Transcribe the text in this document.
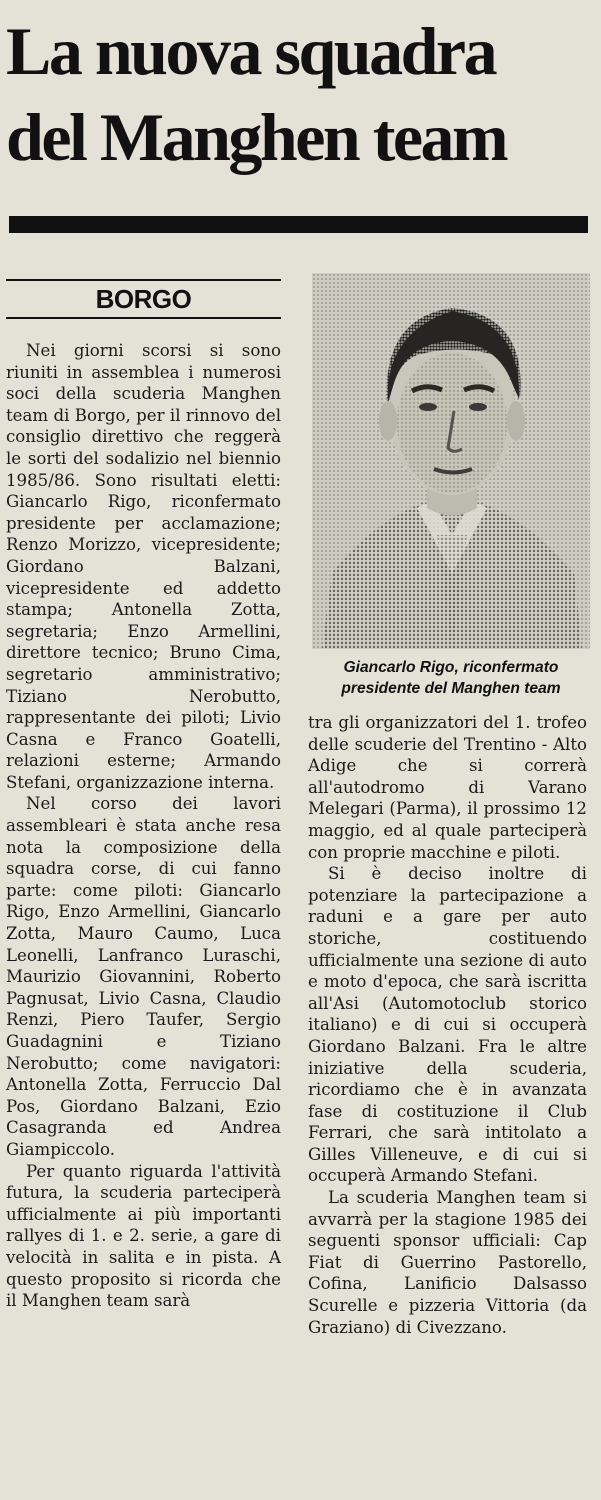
La nuova squadra
del Manghen team
BORGO
Giancarlo Rigo, riconfermato
presidente del Manghen team

Nei giorni scorsi si sono riuniti in assemblea i numerosi soci della scuderia Manghen team di Borgo, per il rinnovo del consiglio direttivo che reggerà le sorti del sodalizio nel biennio 1985/86. Sono risultati eletti: Giancarlo Rigo, riconfermato presidente per acclamazione; Renzo Morizzo, vicepresidente; Giordano Balzani, vicepresidente ed addetto stampa; Antonella Zotta, segretaria; Enzo Armellini, direttore tecnico; Bruno Cima, segretario amministrativo; Tiziano Nerobutto, rappresentante dei piloti; Livio Casna e Franco Goatelli, relazioni esterne; Armando Stefani, organizzazione interna.

Nel corso dei lavori assembleari è stata anche resa nota la composizione della squadra corse, di cui fanno parte: come piloti: Giancarlo Rigo, Enzo Armellini, Giancarlo Zotta, Mauro Caumo, Luca Leonelli, Lanfranco Luraschi, Maurizio Giovannini, Roberto Pagnusat, Livio Casna, Claudio Renzi, Piero Taufer, Sergio Guadagnini e Tiziano Nerobutto; come navigatori: Antonella Zotta, Ferruccio Dal Pos, Giordano Balzani, Ezio Casagranda ed Andrea Giampiccolo.

Per quanto riguarda l'attività futura, la scuderia parteciperà ufficialmente ai più importanti rallyes di 1. e 2. serie, a gare di velocità in salita e in pista. A questo proposito si ricorda che il Manghen team sarà

tra gli organizzatori del 1. trofeo delle scuderie del Trentino - Alto Adige che si correrà all'autodromo di Varano Melegari (Parma), il prossimo 12 maggio, ed al quale parteciperà con proprie macchine e piloti.

Si è deciso inoltre di potenziare la partecipazione a raduni e a gare per auto storiche, costituendo ufficialmente una sezione di auto e moto d'epoca, che sarà iscritta all'Asi (Automotoclub storico italiano) e di cui si occuperà Giordano Balzani. Fra le altre iniziative della scuderia, ricordiamo che è in avanzata fase di costituzione il Club Ferrari, che sarà intitolato a Gilles Villeneuve, e di cui si occuperà Armando Stefani.

La scuderia Manghen team si avvarrà per la stagione 1985 dei seguenti sponsor ufficiali: Cap Fiat di Guerrino Pastorello, Cofina, Lanificio Dalsasso Scurelle e pizzeria Vittoria (da Graziano) di Civezzano.
